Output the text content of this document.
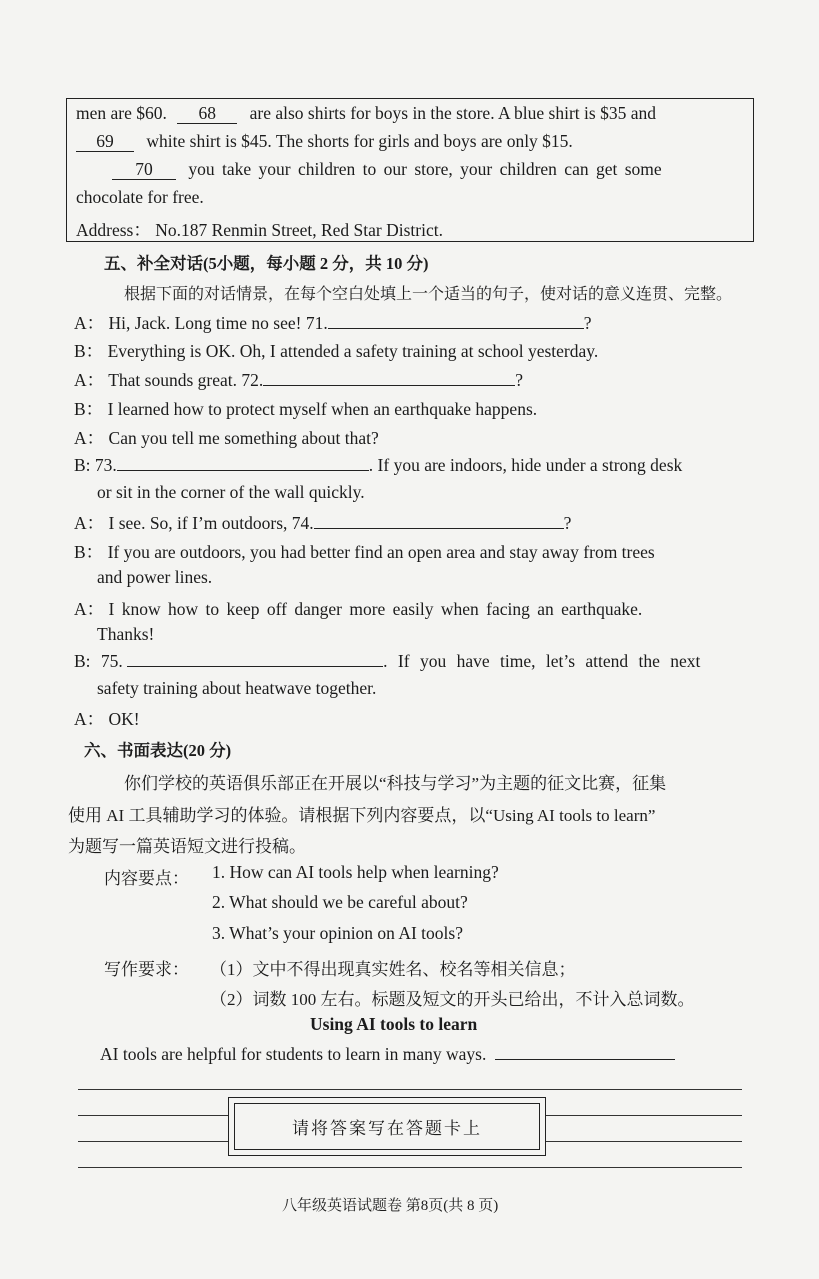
men are $60. 68 are also shirts for boys in the store. A blue shirt is $35 and
69 white shirt is $45. The shorts for girls and boys are only $15.
70 you take your children to our store, your children can get some
chocolate for free.
Address： No.187 Renmin Street, Red Star District.
五、补全对话(5小题，每小题 2 分，共 10 分)
根据下面的对话情景，在每个空白处填上一个适当的句子，使对话的意义连贯、完整。
A： Hi, Jack. Long time no see! 71.	?
B： Everything is OK. Oh, I attended a safety training at school yesterday.
A： That sounds great. 72.	?
B： I learned how to protect myself when an earthquake happens.
A： Can you tell me something about that?
B: 73.	. If you are indoors, hide under a strong desk
or sit in the corner of the wall quickly.
A： I see. So, if I’m outdoors, 74.	?
B： If you are outdoors, you had better find an open area and stay away from trees
and power lines.
A： I know how to keep off danger more easily when facing an earthquake.
Thanks!
B: 75.	. If you have time, let’s attend the next
safety training about heatwave together.
A： OK!
六、书面表达(20 分)
你们学校的英语俱乐部正在开展以“科技与学习”为主题的征文比赛，征集
使用 AI 工具辅助学习的体验。请根据下列内容要点，以“Using AI tools to learn”
为题写一篇英语短文进行投稿。
内容要点： 1. How can AI tools help when learning?
2. What should we be careful about?
3. What’s your opinion on AI tools?
写作要求： （1）文中不得出现真实姓名、校名等相关信息；
（2）词数 100 左右。标题及短文的开头已给出，不计入总词数。
Using AI tools to learn
AI tools are helpful for students to learn in many ways.
请将答案写在答题卡上
八年级英语试题卷 第8页(共 8 页)
